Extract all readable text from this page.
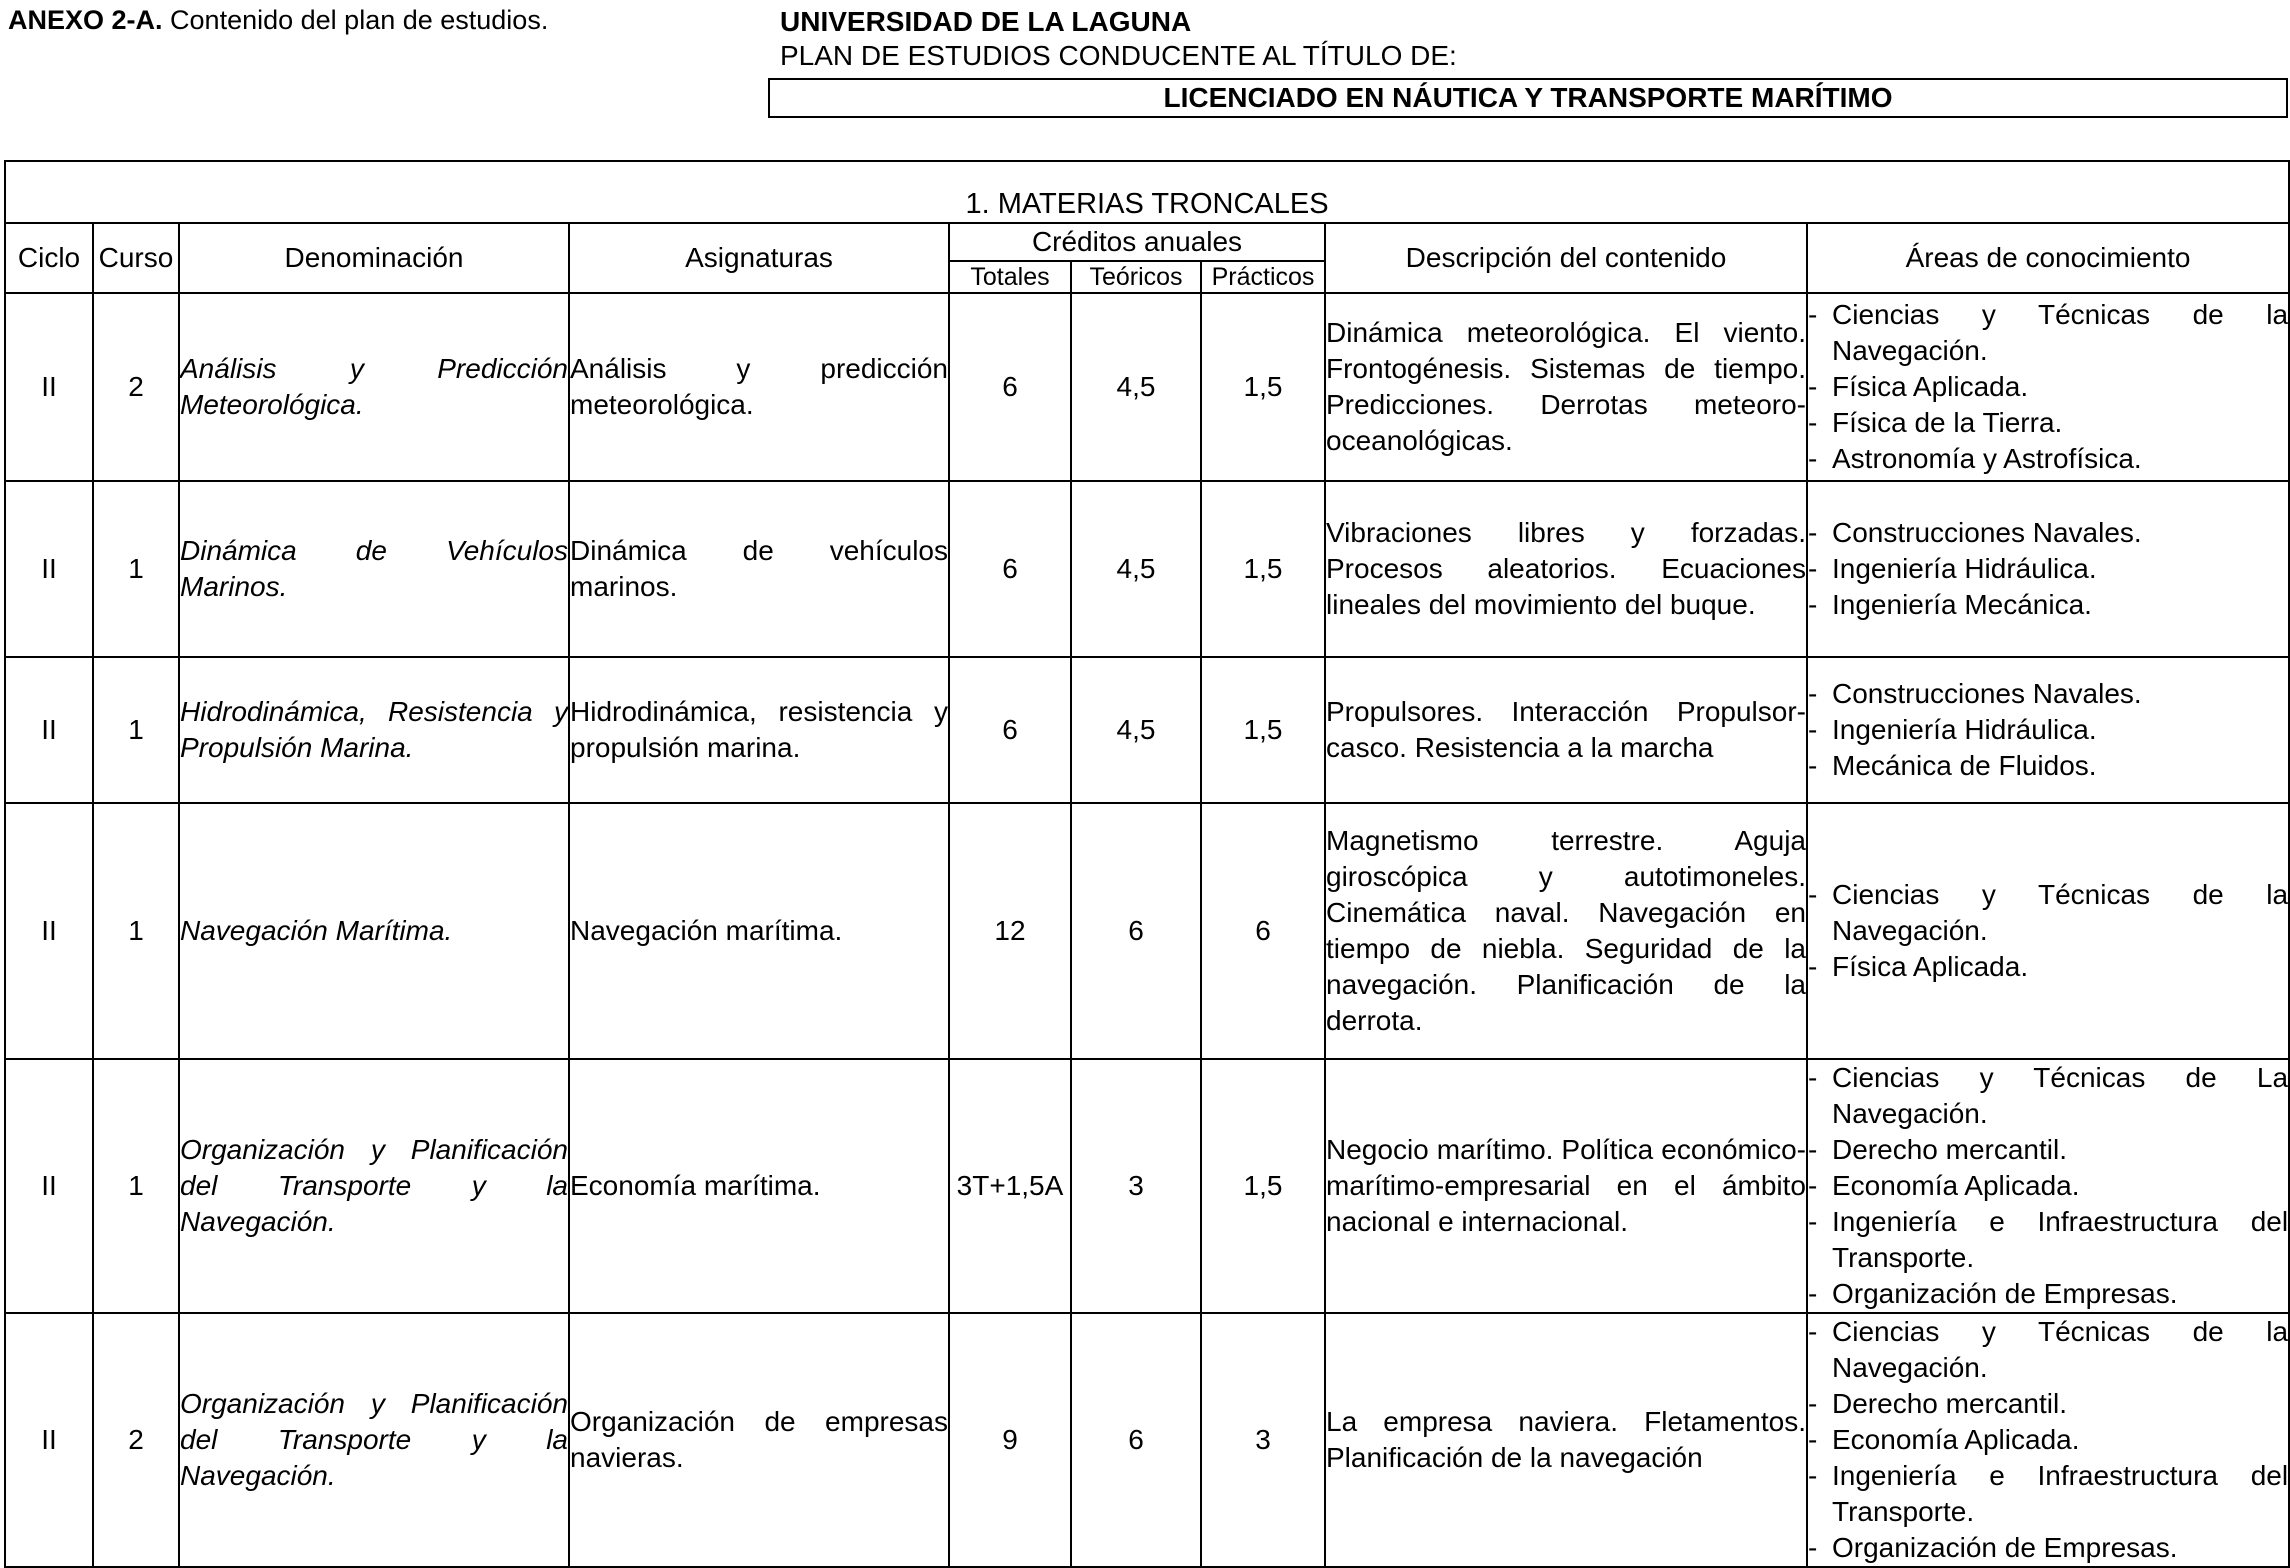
ANEXO 2-A. Contenido del plan de estudios.	UNIVERSIDAD DE LA LAGUNA
PLAN DE ESTUDIOS CONDUCENTE AL TÍTULO DE:
LICENCIADO EN NÁUTICA Y TRANSPORTE MARÍTIMO
1. MATERIAS TRONCALES								
Ciclo	Curso	Denominación	Asignaturas	Créditos anuales			Descripción del contenido	Áreas de conocimiento
				Totales	Teóricos	Prácticos		
II	2	Análisis y Predicción Meteorológica.	Análisis y predicción meteorológica.	6	4,5	1,5	Dinámica meteorológica. El viento. Frontogénesis. Sistemas de tiempo. Predicciones. Derrotas meteoro-oceanológicas.	- Ciencias y Técnicas de la Navegación.
- Física Aplicada.
- Física de la Tierra.
- Astronomía y Astrofísica.

II	1	Dinámica de Vehículos Marinos.	Dinámica de vehículos marinos.	6	4,5	1,5	Vibraciones libres y forzadas. Procesos aleatorios. Ecuaciones lineales del movimiento del buque.	- Construcciones Navales.
- Ingeniería Hidráulica.
- Ingeniería Mecánica.

II	1	Hidrodinámica, Resistencia y Propulsión Marina.	Hidrodinámica, resistencia y propulsión marina.	6	4,5	1,5	Propulsores. Interacción Propulsor-casco. Resistencia a la marcha	- Construcciones Navales.
- Ingeniería Hidráulica.
- Mecánica de Fluidos.

II	1	Navegación Marítima.	Navegación marítima.	12	6	6	Magnetismo terrestre. Aguja giroscópica y autotimoneles. Cinemática naval. Navegación en tiempo de niebla. Seguridad de la navegación. Planificación de la derrota.	- Ciencias y Técnicas de la Navegación.
- Física Aplicada.

II	1	Organización y Planificación del Transporte y la Navegación.	Economía marítima.	3T+1,5A	3	1,5	Negocio marítimo. Política económico-marítimo-empresarial en el ámbito nacional e internacional.	- Ciencias y Técnicas de La Navegación.
- Derecho mercantil.
- Economía Aplicada.
- Ingeniería e Infraestructura del Transporte.
- Organización de Empresas.

II	2	Organización y Planificación del Transporte y la Navegación.	Organización de empresas navieras.	9	6	3	La empresa naviera. Fletamentos. Planificación de la navegación	- Ciencias y Técnicas de la Navegación.
- Derecho mercantil.
- Economía Aplicada.
- Ingeniería e Infraestructura del Transporte.
- Organización de Empresas.
